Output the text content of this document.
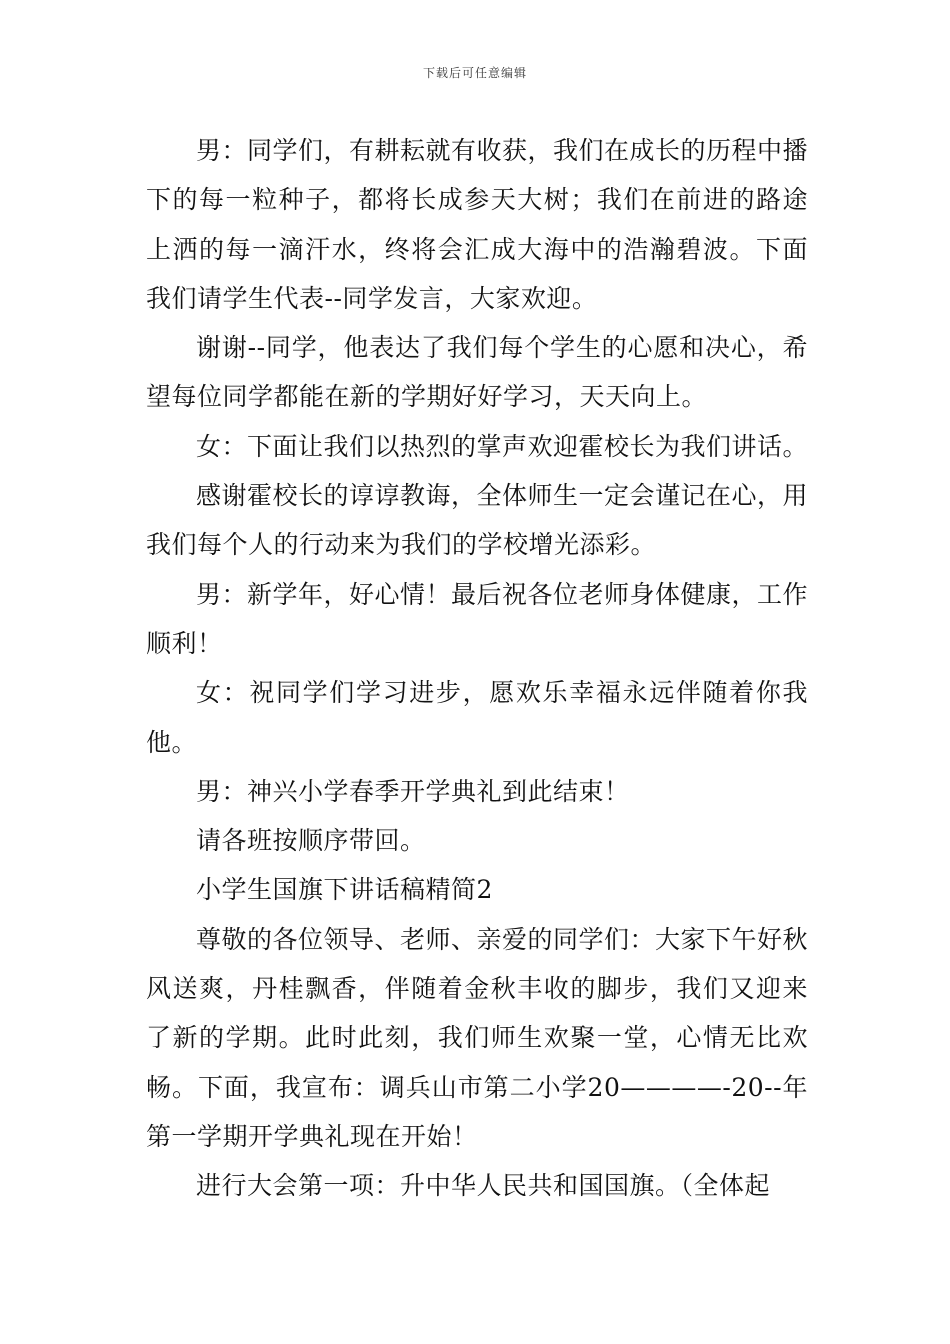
下载后可任意编辑

男：同学们，有耕耘就有收获，我们在成长的历程中播下的每一粒种子，都将长成参天大树；我们在前进的路途上洒的每一滴汗水，终将会汇成大海中的浩瀚碧波。下面我们请学生代表--同学发言，大家欢迎。

谢谢--同学，他表达了我们每个学生的心愿和决心，希望每位同学都能在新的学期好好学习，天天向上。

女：下面让我们以热烈的掌声欢迎霍校长为我们讲话。

感谢霍校长的谆谆教诲，全体师生一定会谨记在心，用我们每个人的行动来为我们的学校增光添彩。

男：新学年，好心情！最后祝各位老师身体健康，工作顺利！

女：祝同学们学习进步，愿欢乐幸福永远伴随着你我他。

男：神兴小学春季开学典礼到此结束！

请各班按顺序带回。

小学生国旗下讲话稿精简2

尊敬的各位领导、老师、亲爱的同学们：大家下午好秋风送爽，丹桂飘香，伴随着金秋丰收的脚步，我们又迎来了新的学期。此时此刻，我们师生欢聚一堂，心情无比欢畅。下面，我宣布：调兵山市第二小学20————-20--年第一学期开学典礼现在开始！

进行大会第一项：升中华人民共和国国旗。（全体起
